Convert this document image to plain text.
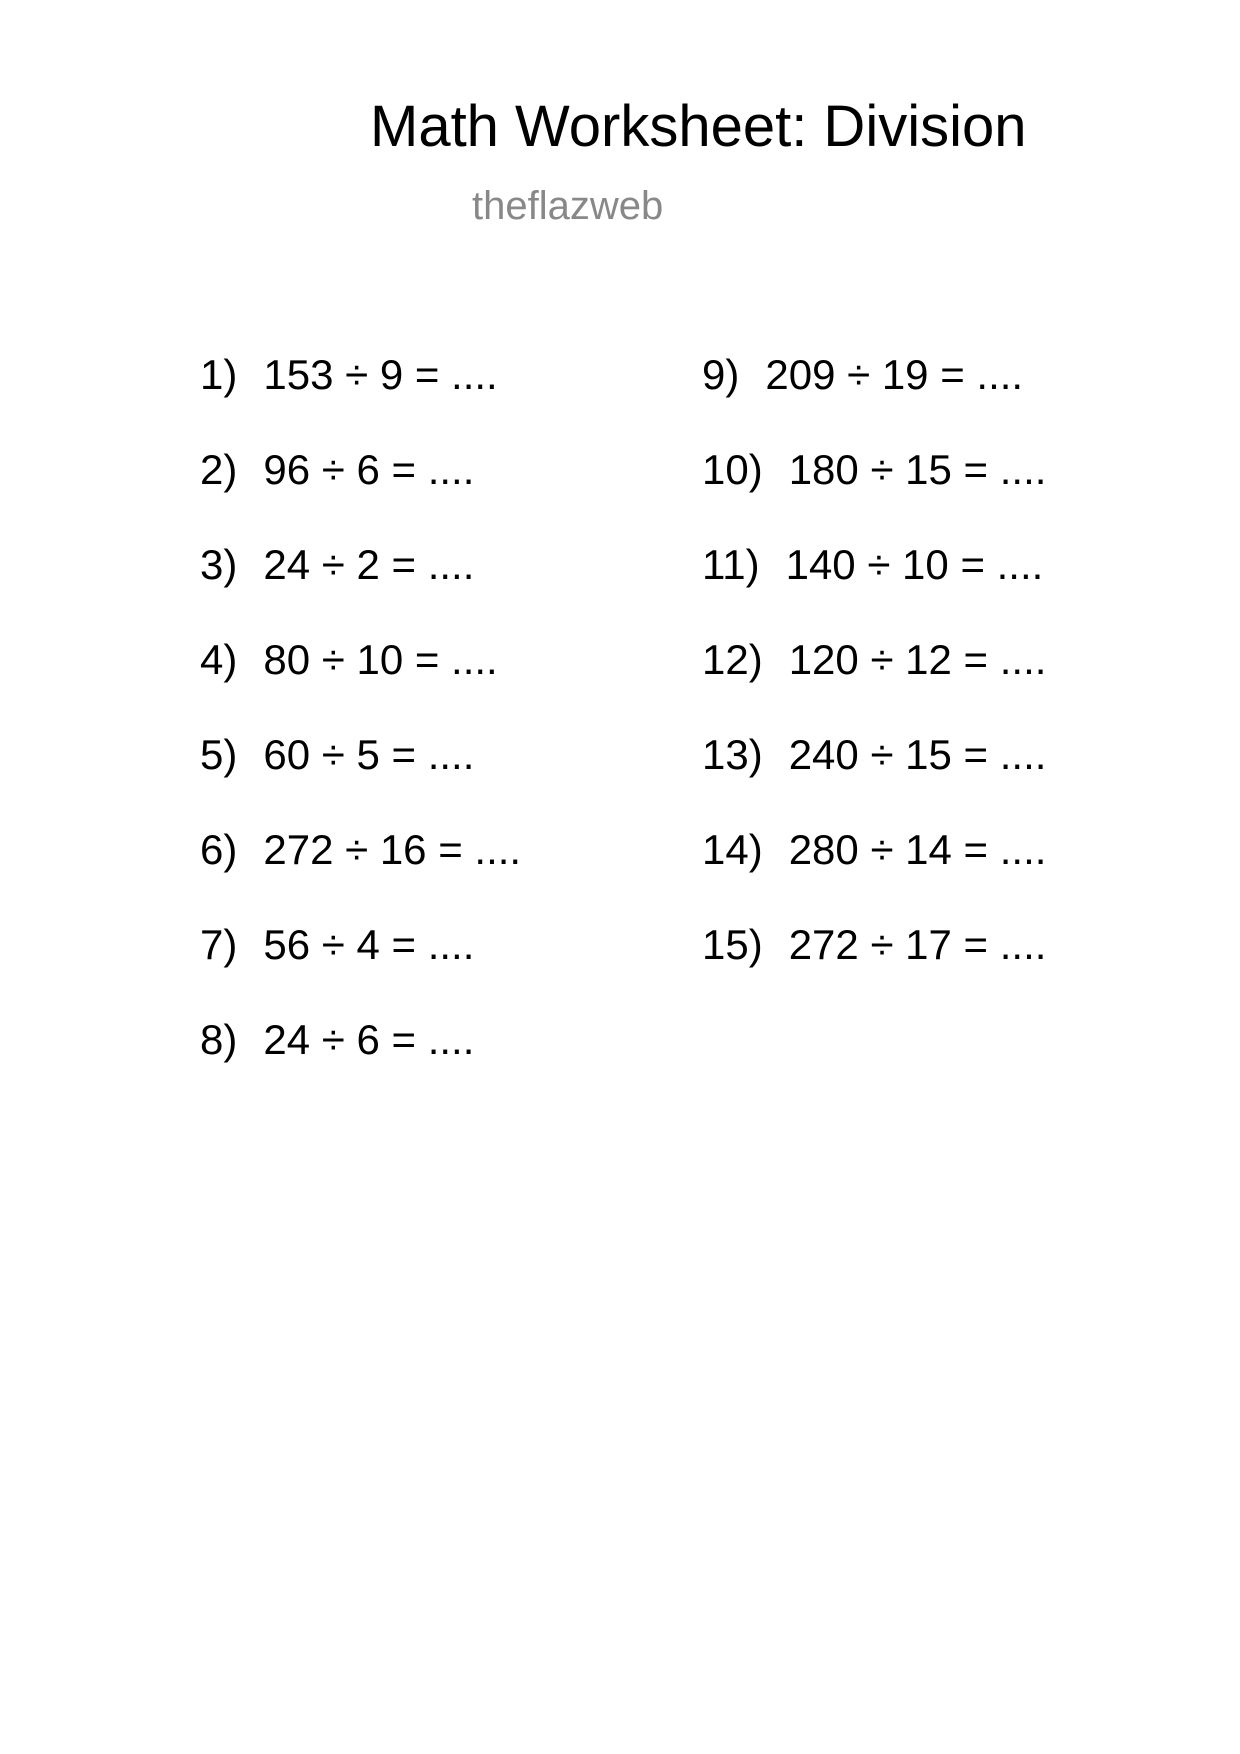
Math Worksheet: Division
theflazweb
1) 153 ÷ 9 = ....
2) 96 ÷ 6 = ....
3) 24 ÷ 2 = ....
4) 80 ÷ 10 = ....
5) 60 ÷ 5 = ....
6) 272 ÷ 16 = ....
7) 56 ÷ 4 = ....
8) 24 ÷ 6 = ....
9) 209 ÷ 19 = ....
10) 180 ÷ 15 = ....
11) 140 ÷ 10 = ....
12) 120 ÷ 12 = ....
13) 240 ÷ 15 = ....
14) 280 ÷ 14 = ....
15) 272 ÷ 17 = ....
